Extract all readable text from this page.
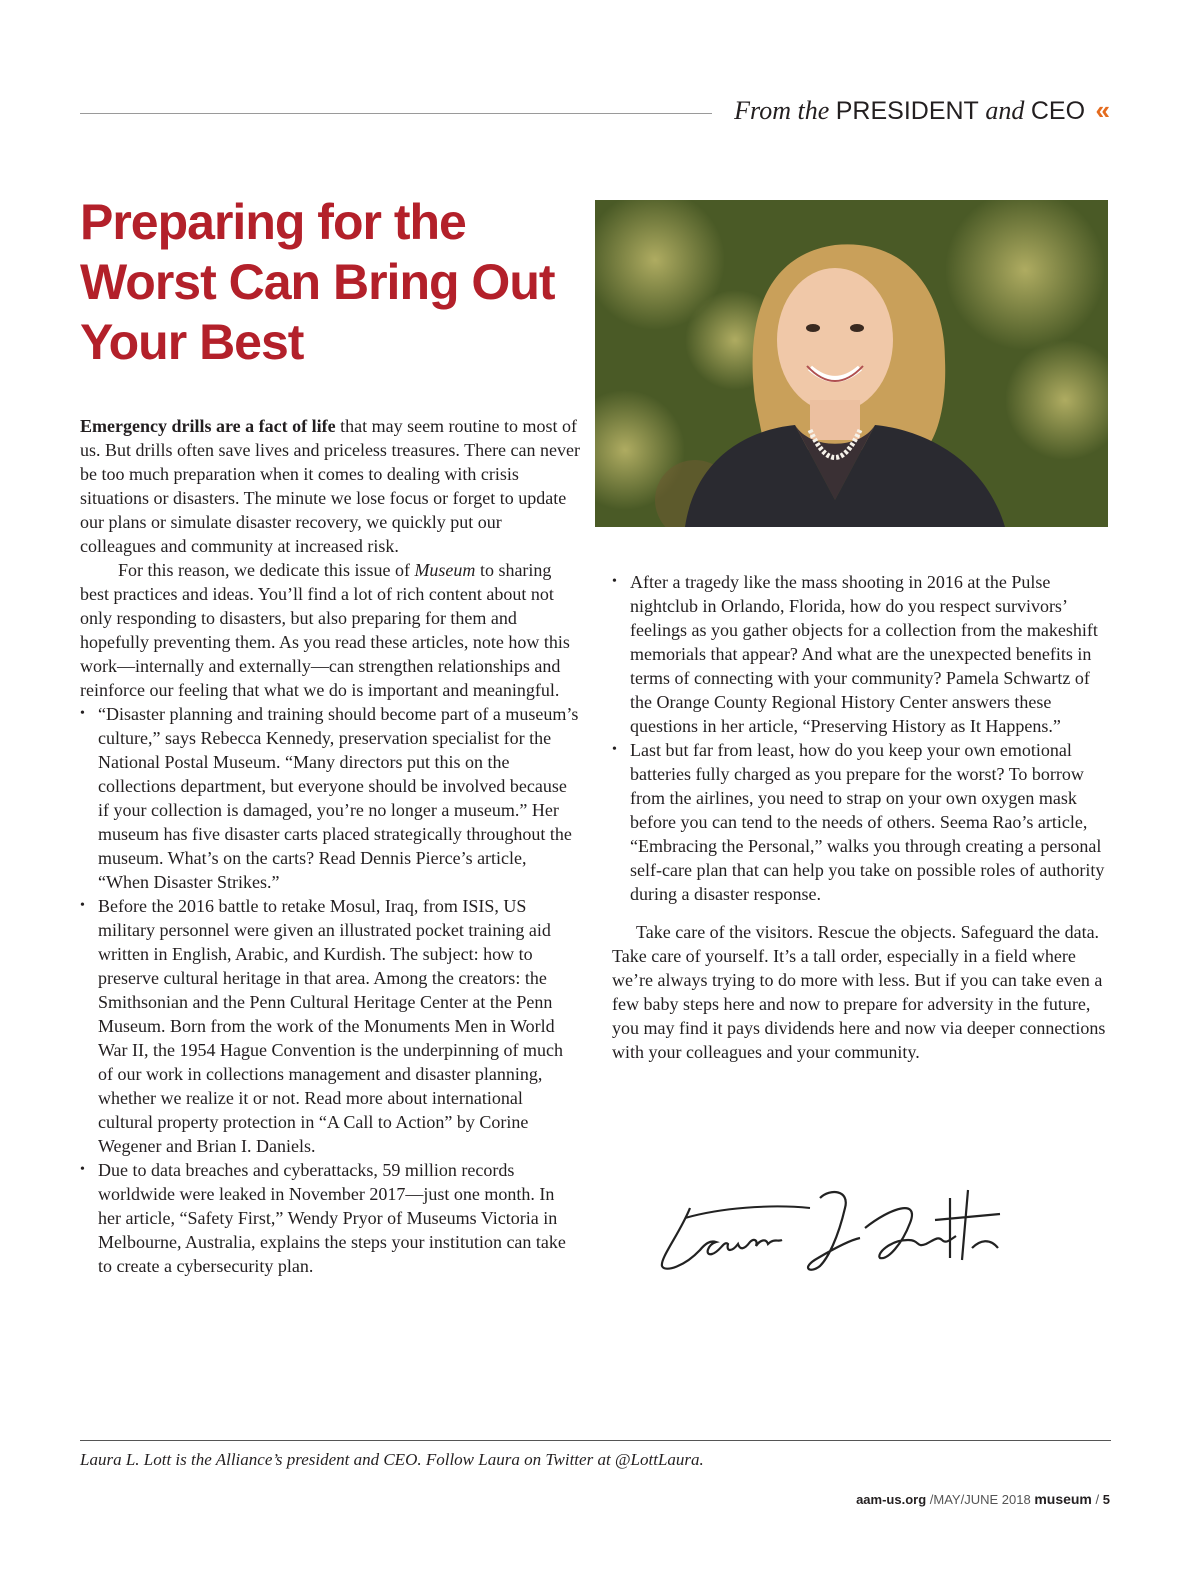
From the PRESIDENT and CEO «
Preparing for the Worst Can Bring Out Your Best

Emergency drills are a fact of life that may seem routine to most of us. But drills often save lives and priceless treasures. There can never be too much preparation when it comes to dealing with crisis situations or disasters. The minute we lose focus or forget to update our plans or simulate disaster recovery, we quickly put our colleagues and community at increased risk.

For this reason, we dedicate this issue of Museum to sharing best practices and ideas. You’ll find a lot of rich content about not only responding to disasters, but also preparing for them and hopefully preventing them. As you read these articles, note how this work—internally and externally—can strengthen relationships and reinforce our feeling that what we do is important and meaningful.

• “Disaster planning and training should become part of a museum’s culture,” says Rebecca Kennedy, preservation specialist for the National Postal Museum. “Many directors put this on the collections department, but everyone should be involved because if your collection is damaged, you’re no longer a museum.” Her museum has five disaster carts placed strategically throughout the museum. What’s on the carts? Read Dennis Pierce’s article, “When Disaster Strikes.”
• Before the 2016 battle to retake Mosul, Iraq, from ISIS, US military personnel were given an illustrated pocket training aid written in English, Arabic, and Kurdish. The subject: how to preserve cultural heritage in that area. Among the creators: the Smithsonian and the Penn Cultural Heritage Center at the Penn Museum. Born from the work of the Monuments Men in World War II, the 1954 Hague Convention is the underpinning of much of our work in collections management and disaster planning, whether we realize it or not. Read more about international cultural property protection in “A Call to Action” by Corine Wegener and Brian I. Daniels.
• Due to data breaches and cyberattacks, 59 million records worldwide were leaked in November 2017—just one month. In her article, “Safety First,” Wendy Pryor of Museums Victoria in Melbourne, Australia, explains the steps your institution can take to create a cybersecurity plan.
• After a tragedy like the mass shooting in 2016 at the Pulse nightclub in Orlando, Florida, how do you respect survivors’ feelings as you gather objects for a collection from the makeshift memorials that appear? And what are the unexpected benefits in terms of connecting with your community? Pamela Schwartz of the Orange County Regional History Center answers these questions in her article, “Preserving History as It Happens.”
• Last but far from least, how do you keep your own emotional batteries fully charged as you prepare for the worst? To borrow from the airlines, you need to strap on your own oxygen mask before you can tend to the needs of others. Seema Rao’s article, “Embracing the Personal,” walks you through creating a personal self-care plan that can help you take on possible roles of authority during a disaster response.

Take care of the visitors. Rescue the objects. Safeguard the data. Take care of yourself. It’s a tall order, especially in a field where we’re always trying to do more with less. But if you can take even a few baby steps here and now to prepare for adversity in the future, you may find it pays dividends here and now via deeper connections with your colleagues and your community.

Laura L. Lott is the Alliance’s president and CEO. Follow Laura on Twitter at @LottLaura.
aam-us.org /MAY/JUNE 2018 museum / 5
